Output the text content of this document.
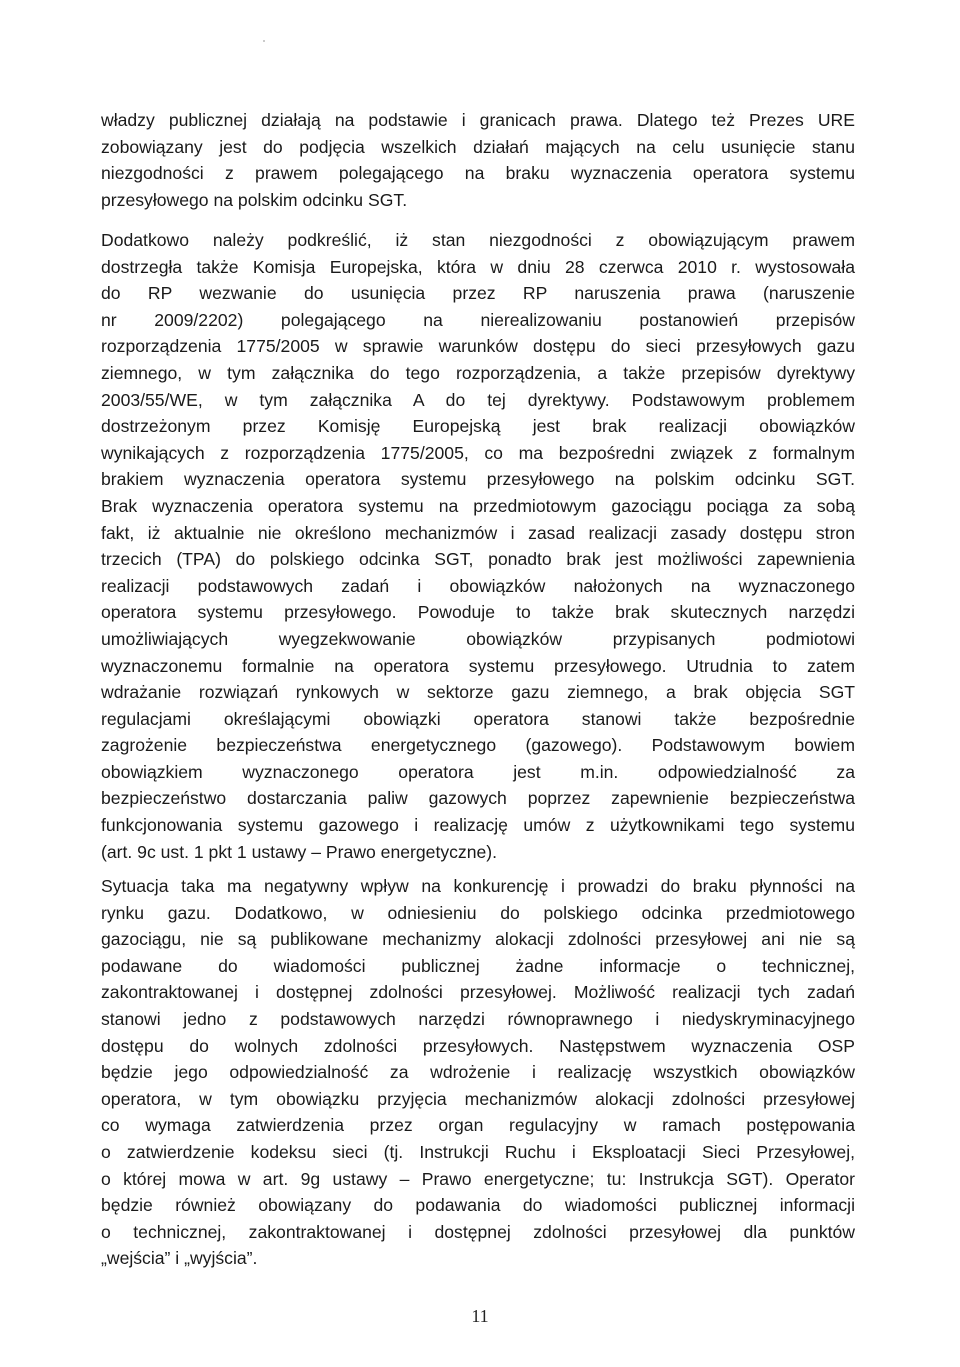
władzy publicznej działają na podstawie i granicach prawa. Dlatego też Prezes URE
zobowiązany jest do podjęcia wszelkich działań mających na celu usunięcie stanu
niezgodności z prawem polegającego na braku wyznaczenia operatora systemu
przesyłowego na polskim odcinku SGT.

Dodatkowo należy podkreślić, iż stan niezgodności z obowiązującym prawem
dostrzegła także Komisja Europejska, która w dniu 28 czerwca 2010 r. wystosowała
do RP wezwanie do usunięcia przez RP naruszenia prawa (naruszenie
nr 2009/2202) polegającego na nierealizowaniu postanowień przepisów
rozporządzenia 1775/2005 w sprawie warunków dostępu do sieci przesyłowych gazu
ziemnego, w tym załącznika do tego rozporządzenia, a także przepisów dyrektywy
2003/55/WE, w tym załącznika A do tej dyrektywy. Podstawowym problemem
dostrzeżonym przez Komisję Europejską jest brak realizacji obowiązków
wynikających z rozporządzenia 1775/2005, co ma bezpośredni związek z formalnym
brakiem wyznaczenia operatora systemu przesyłowego na polskim odcinku SGT.
Brak wyznaczenia operatora systemu na przedmiotowym gazociągu pociąga za sobą
fakt, iż aktualnie nie określono mechanizmów i zasad realizacji zasady dostępu stron
trzecich (TPA) do polskiego odcinka SGT, ponadto brak jest możliwości zapewnienia
realizacji podstawowych zadań i obowiązków nałożonych na wyznaczonego
operatora systemu przesyłowego. Powoduje to także brak skutecznych narzędzi
umożliwiających wyegzekwowanie obowiązków przypisanych podmiotowi
wyznaczonemu formalnie na operatora systemu przesyłowego. Utrudnia to zatem
wdrażanie rozwiązań rynkowych w sektorze gazu ziemnego, a brak objęcia SGT
regulacjami określającymi obowiązki operatora stanowi także bezpośrednie
zagrożenie bezpieczeństwa energetycznego (gazowego). Podstawowym bowiem
obowiązkiem wyznaczonego operatora jest m.in. odpowiedzialność za
bezpieczeństwo dostarczania paliw gazowych poprzez zapewnienie bezpieczeństwa
funkcjonowania systemu gazowego i realizację umów z użytkownikami tego systemu
(art. 9c ust. 1 pkt 1 ustawy – Prawo energetyczne).

Sytuacja taka ma negatywny wpływ na konkurencję i prowadzi do braku płynności na
rynku gazu. Dodatkowo, w odniesieniu do polskiego odcinka przedmiotowego
gazociągu, nie są publikowane mechanizmy alokacji zdolności przesyłowej ani nie są
podawane do wiadomości publicznej żadne informacje o technicznej,
zakontraktowanej i dostępnej zdolności przesyłowej. Możliwość realizacji tych zadań
stanowi jedno z podstawowych narzędzi równoprawnego i niedyskryminacyjnego
dostępu do wolnych zdolności przesyłowych. Następstwem wyznaczenia OSP
będzie jego odpowiedzialność za wdrożenie i realizację wszystkich obowiązków
operatora, w tym obowiązku przyjęcia mechanizmów alokacji zdolności przesyłowej
co wymaga zatwierdzenia przez organ regulacyjny w ramach postępowania
o zatwierdzenie kodeksu sieci (tj. Instrukcji Ruchu i Eksploatacji Sieci Przesyłowej,
o której mowa w art. 9g ustawy – Prawo energetyczne; tu: Instrukcja SGT). Operator
będzie również obowiązany do podawania do wiadomości publicznej informacji
o technicznej, zakontraktowanej i dostępnej zdolności przesyłowej dla punktów
„wejścia” i „wyjścia”.

11
